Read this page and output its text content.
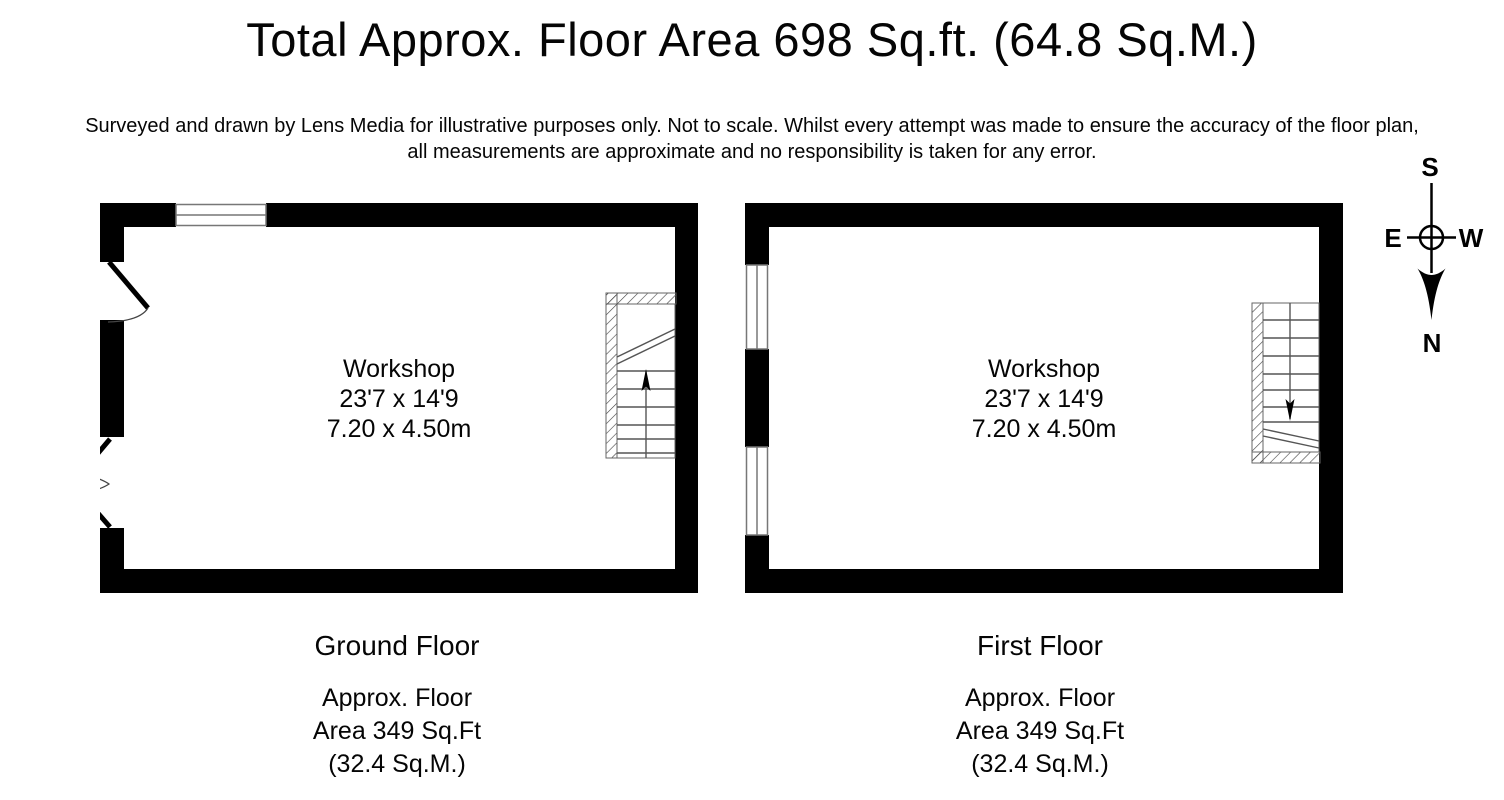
Total Approx. Floor Area 698 Sq.ft. (64.8 Sq.M.)
Surveyed and drawn by Lens Media for illustrative purposes only. Not to scale. Whilst every attempt was made to ensure the accuracy of the floor plan,
all measurements are approximate and no responsibility is taken for any error.	S
E W
N
Workshop
23'7 x 14'9
7.20 x 4.50m
Workshop
23'7 x 14'9
7.20 x 4.50m
Ground Floor
Approx. Floor
Area 349 Sq.Ft
(32.4 Sq.M.)
First Floor
Approx. Floor
Area 349 Sq.Ft
(32.4 Sq.M.)
